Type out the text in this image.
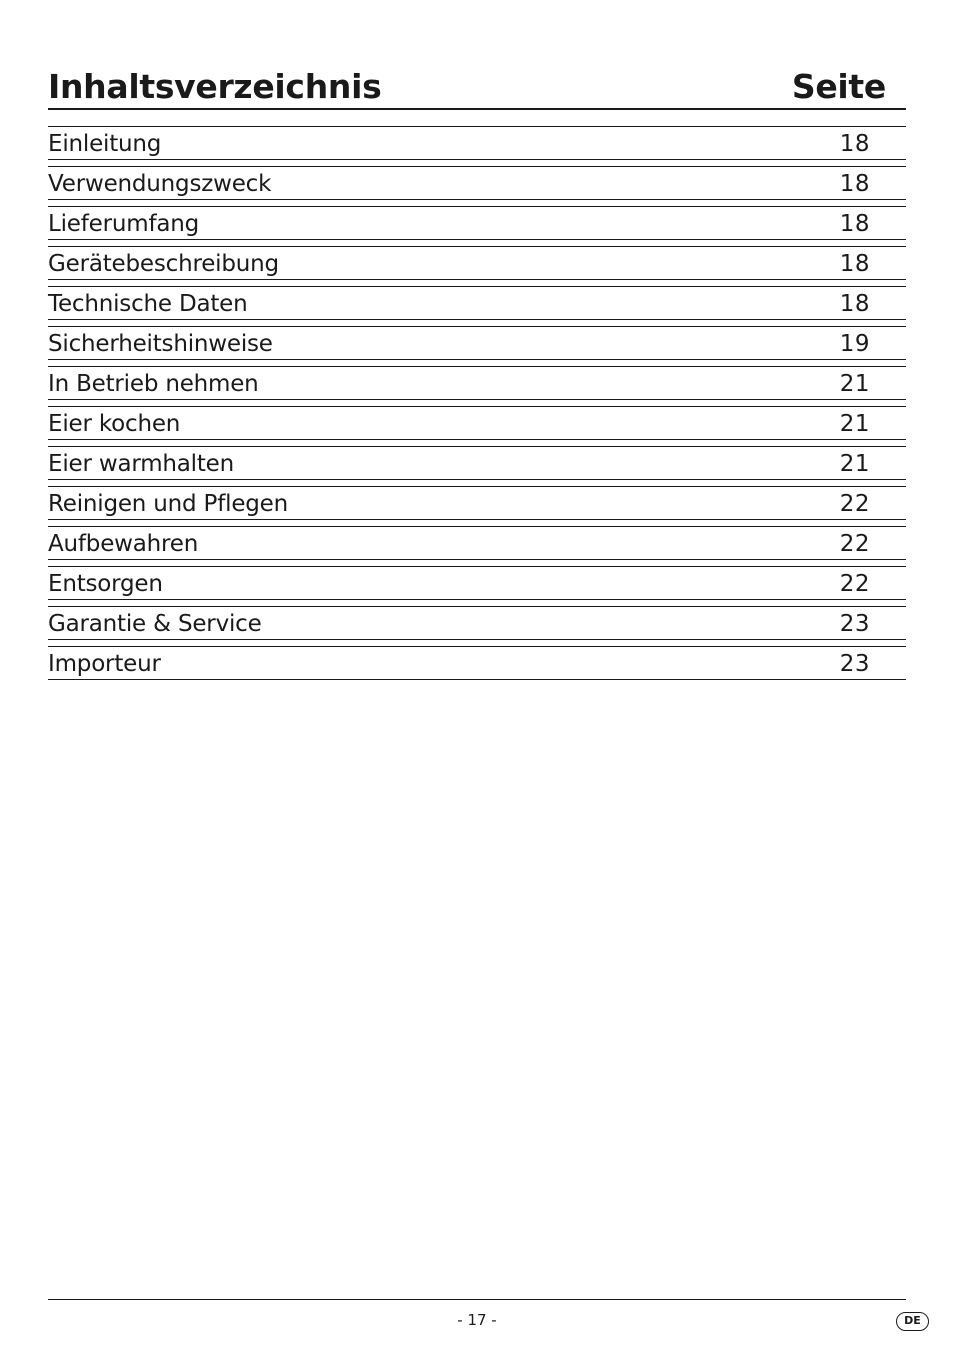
Inhaltsverzeichnis	Seite
Einleitung	18
Verwendungszweck	18
Lieferumfang	18
Gerätebeschreibung	18
Technische Daten	18
Sicherheitshinweise	19
In Betrieb nehmen	21
Eier kochen	21
Eier warmhalten	21
Reinigen und Pflegen	22
Aufbewahren	22
Entsorgen	22
Garantie & Service	23
Importeur	23
- 17 -	DE
